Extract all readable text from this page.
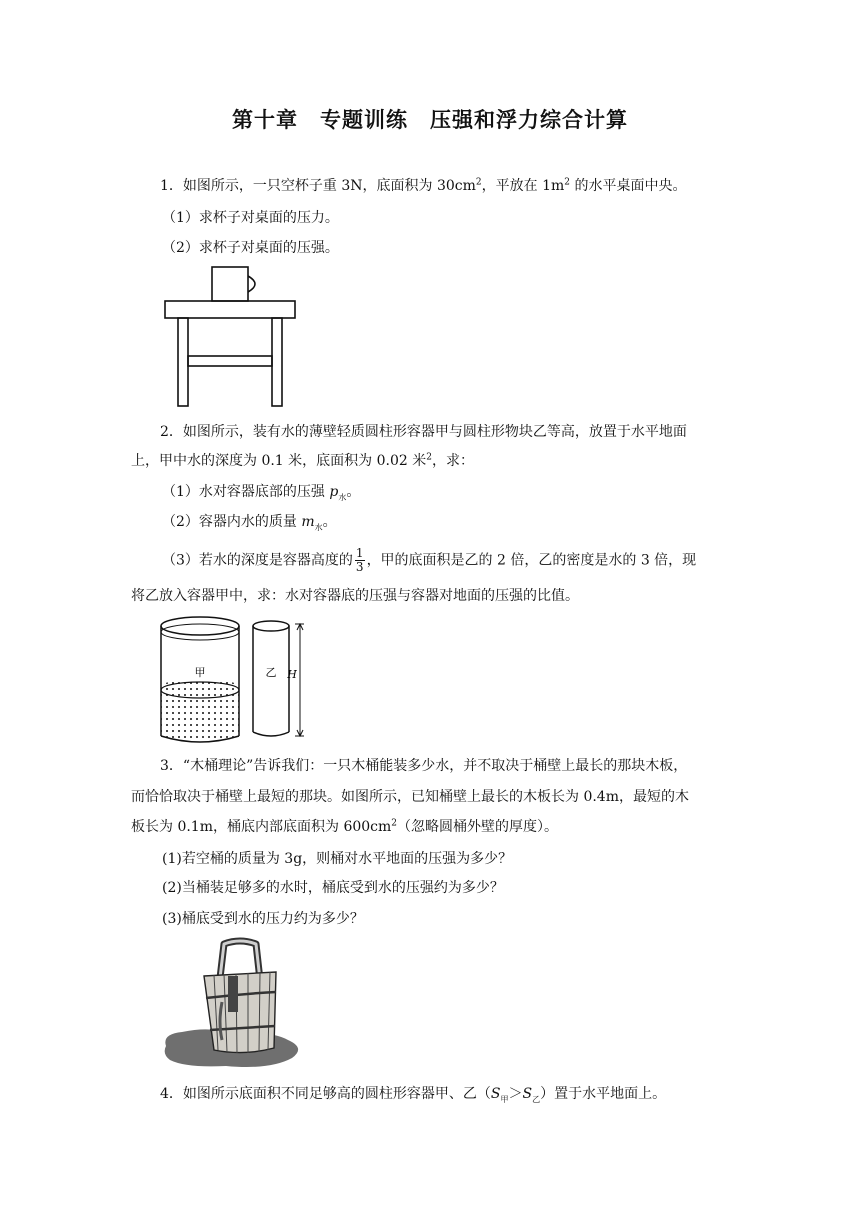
第十章　专题训练　压强和浮力综合计算
1．如图所示，一只空杯子重 3N，底面积为 $30cm^2$，平放在 $1m^2$ 的水平桌面中央。
（1）求杯子对桌面的压力。
（2）求杯子对桌面的压强。
2．如图所示，装有水的薄壁轻质圆柱形容器甲与圆柱形物块乙等高，放置于水平地面
上，甲中水的深度为 0.1 米，底面积为 0.02 米$^2$，求：
（1）水对容器底部的压强 $p_水$。
（2）容器内水的质量 $m_水$。
（3）若水的深度是容器高度的 $\frac{1}{3}$ ，甲的底面积是乙的 2 倍，乙的密度是水的 3 倍，现
将乙放入容器甲中，求：水对容器底的压强与容器对地面的压强的比值。
甲	乙 H
3．“木桶理论”告诉我们：一只木桶能装多少水，并不取决于桶壁上最长的那块木板，
而恰恰取决于桶壁上最短的那块。如图所示，已知桶壁上最长的木板长为 0.4m，最短的木
板长为 0.1m，桶底内部底面积为 $600cm^2$（忽略圆桶外壁的厚度）。
(1)若空桶的质量为 3g，则桶对水平地面的压强为多少？
(2)当桶装足够多的水时，桶底受到水的压强约为多少？
(3)桶底受到水的压力约为多少？
4．如图所示底面积不同足够高的圆柱形容器甲、乙$(S_甲>S_乙)$置于水平地面上。
